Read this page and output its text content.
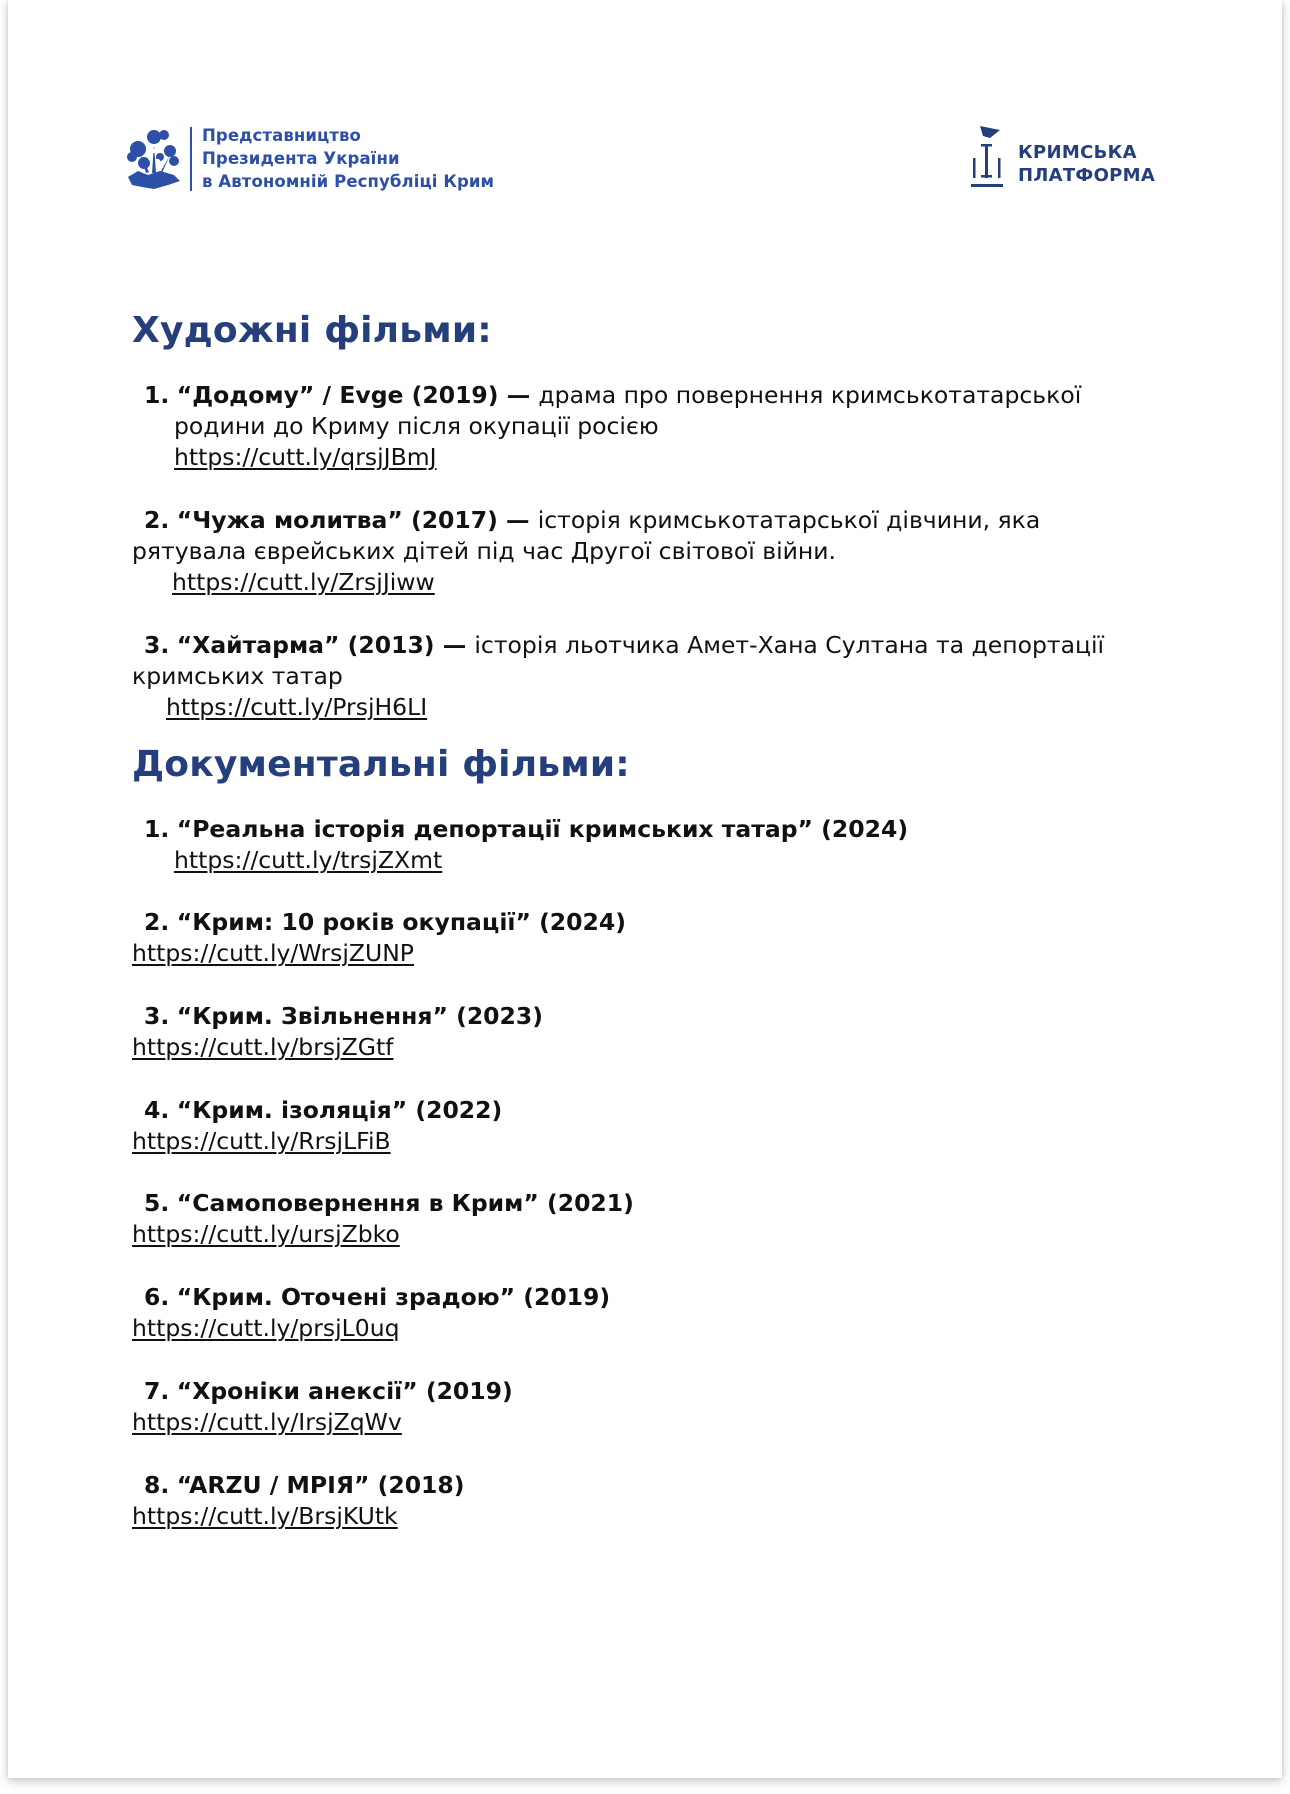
Представництво
Президента України
в Автономній Республіці Крим
КРИМСЬКА
ПЛАТФОРМА
Художні фільми:
1. “Додому” / Evge (2019) — драма про повернення кримськотатарської
родини до Криму після окупації росією
https://cutt.ly/qrsjJBmJ
2. “Чужа молитва” (2017) — історія кримськотатарської дівчини, яка
рятувала єврейських дітей під час Другої світової війни.
https://cutt.ly/ZrsjJiww
3. “Хайтарма” (2013) — історія льотчика Амет-Хана Султана та депортації
кримських татар
https://cutt.ly/PrsjH6LI
Документальні фільми:
1. “Реальна історія депортації кримських татар” (2024)
https://cutt.ly/trsjZXmt
2. “Крим: 10 років окупації” (2024)
https://cutt.ly/WrsjZUNP
3. “Крим. Звільнення” (2023)
https://cutt.ly/brsjZGtf
4. “Крим. ізоляція” (2022)
https://cutt.ly/RrsjLFiB
5. “Самоповернення в Крим” (2021)
https://cutt.ly/ursjZbko
6. “Крим. Оточені зрадою” (2019)
https://cutt.ly/prsjL0uq
7. “Хроніки анексії” (2019)
https://cutt.ly/IrsjZqWv
8. “ARZU / МРІЯ” (2018)
https://cutt.ly/BrsjKUtk
